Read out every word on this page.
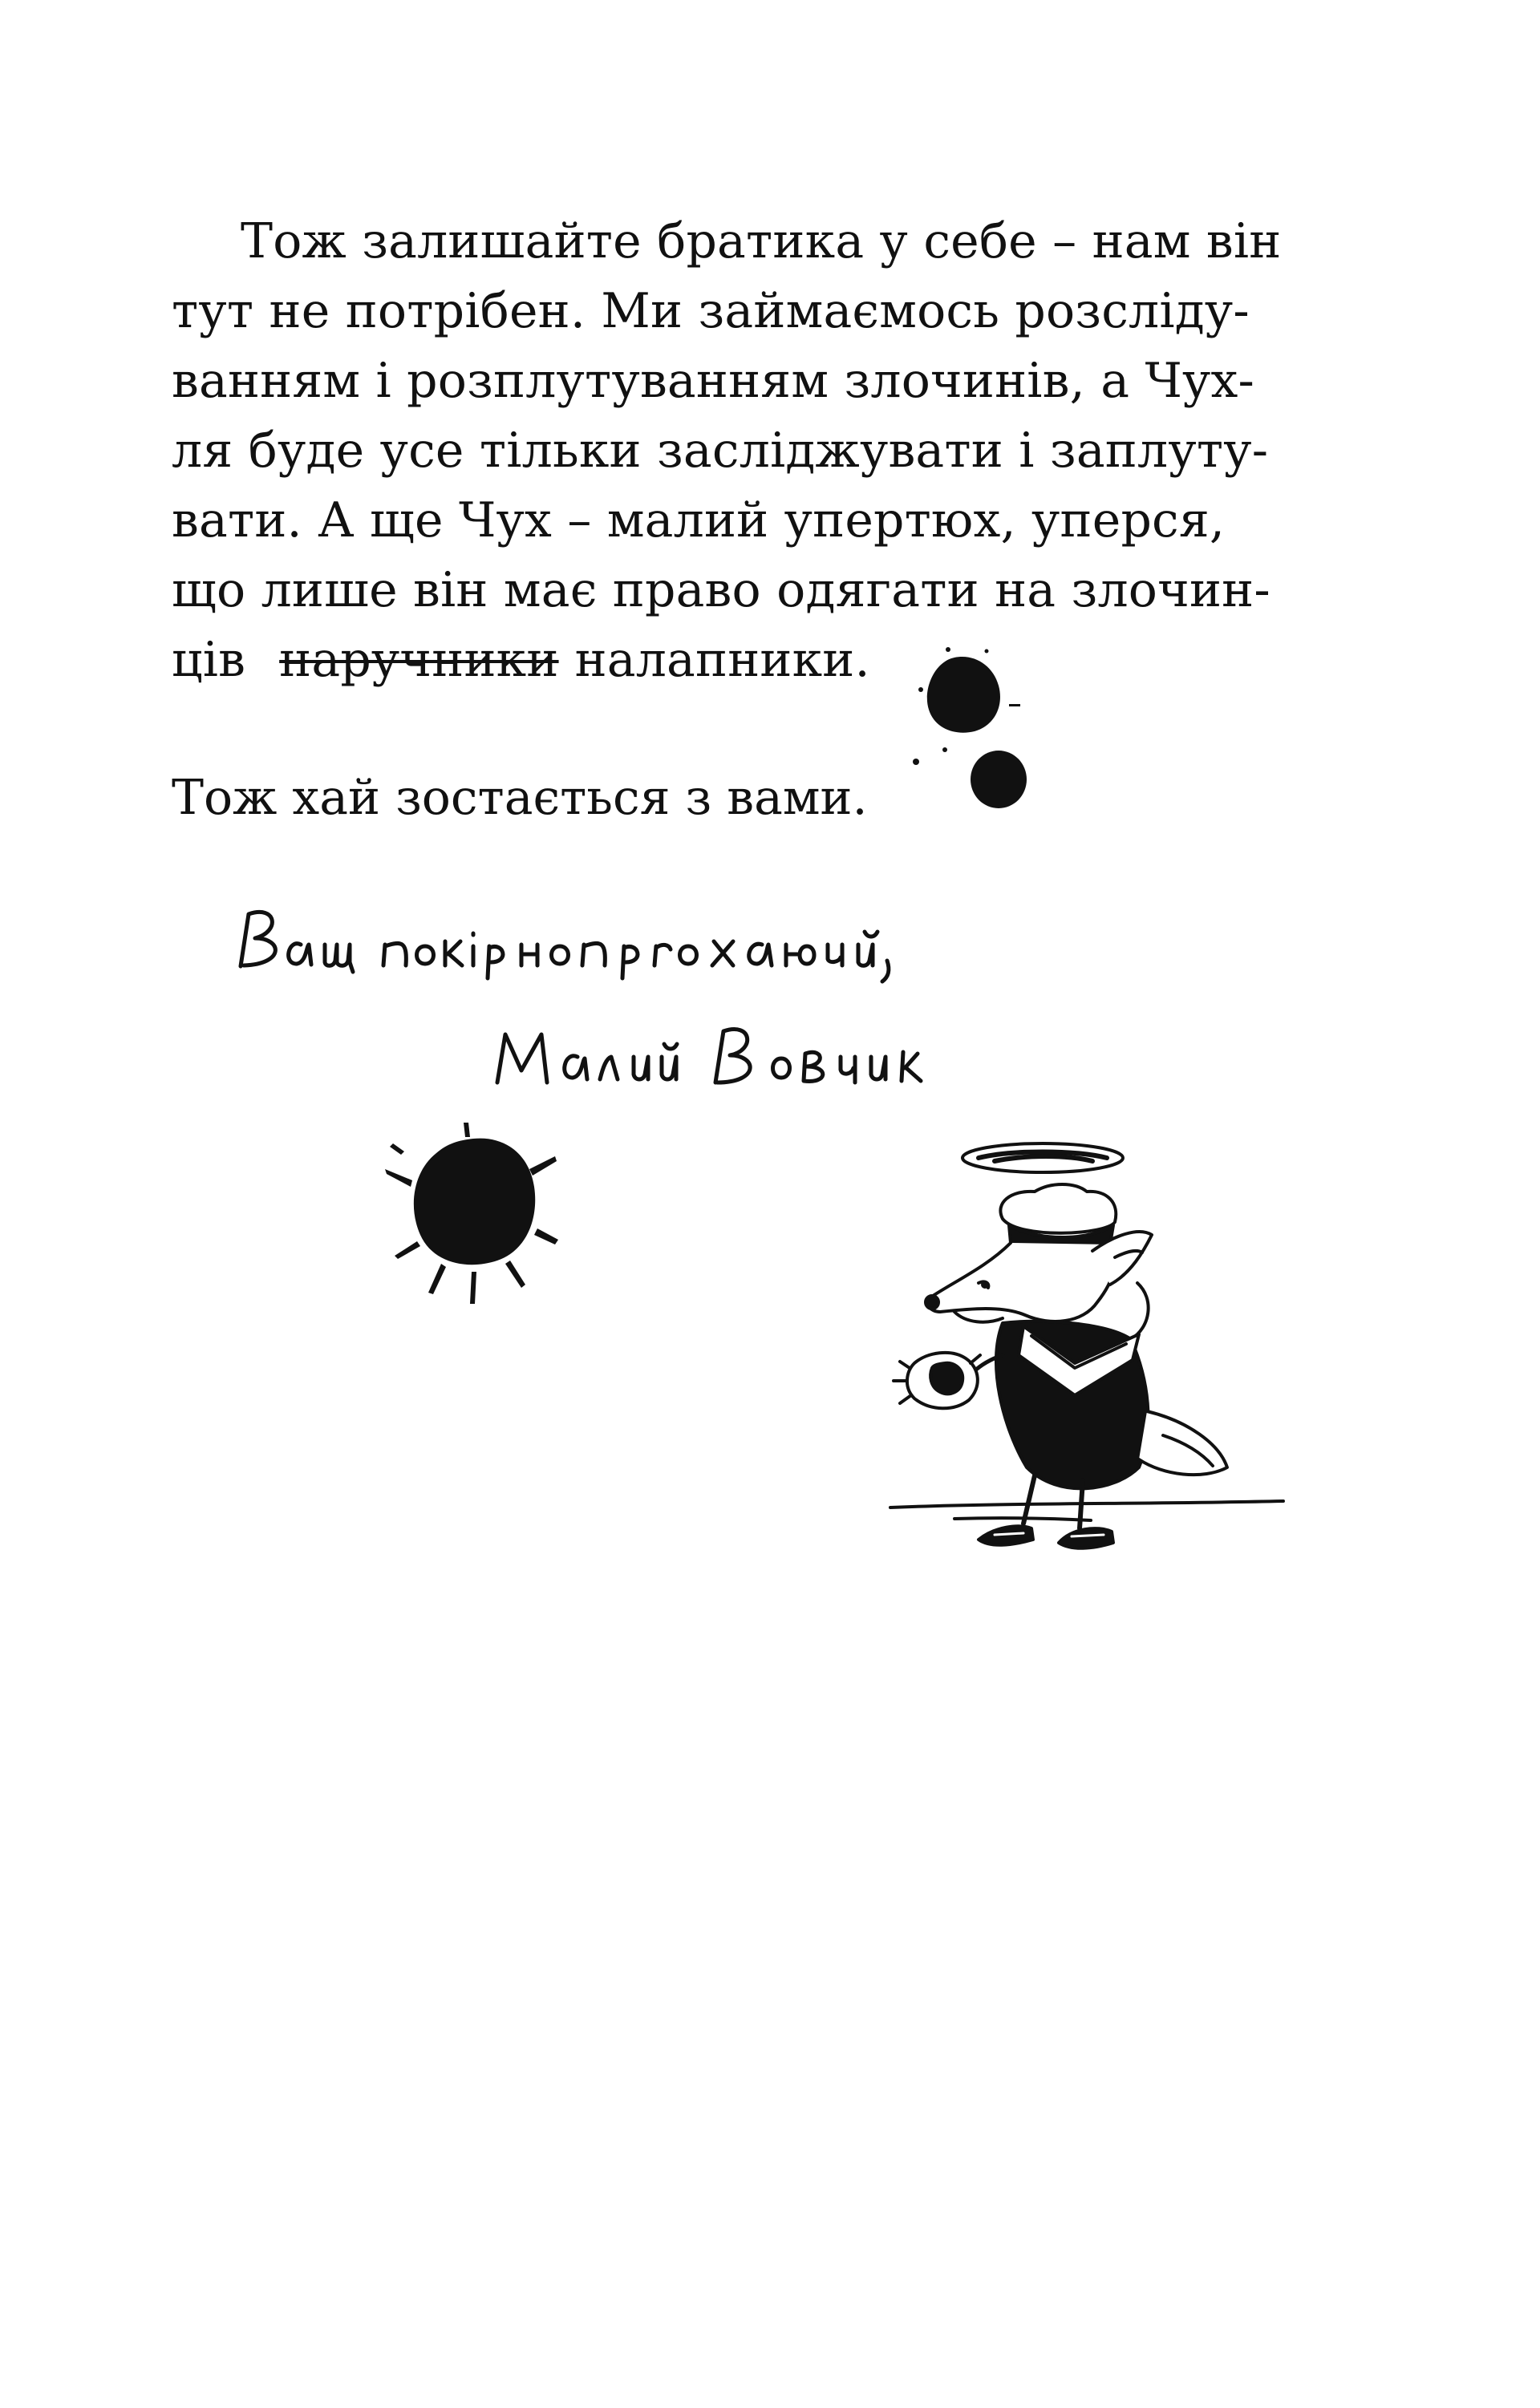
Тож залишайте братика у себе – нам він
тут не потрібен. Ми займаємось розсліду-
ванням і розплутуванням злочинів, а Чух-
ля буде усе тільки засліджувати і заплуту-
вати. А ще Чух – малий упертюх, уперся,
що лише він має право одягати на злочин-
ців наручники налапники.
Тож хай зостається з вами.
